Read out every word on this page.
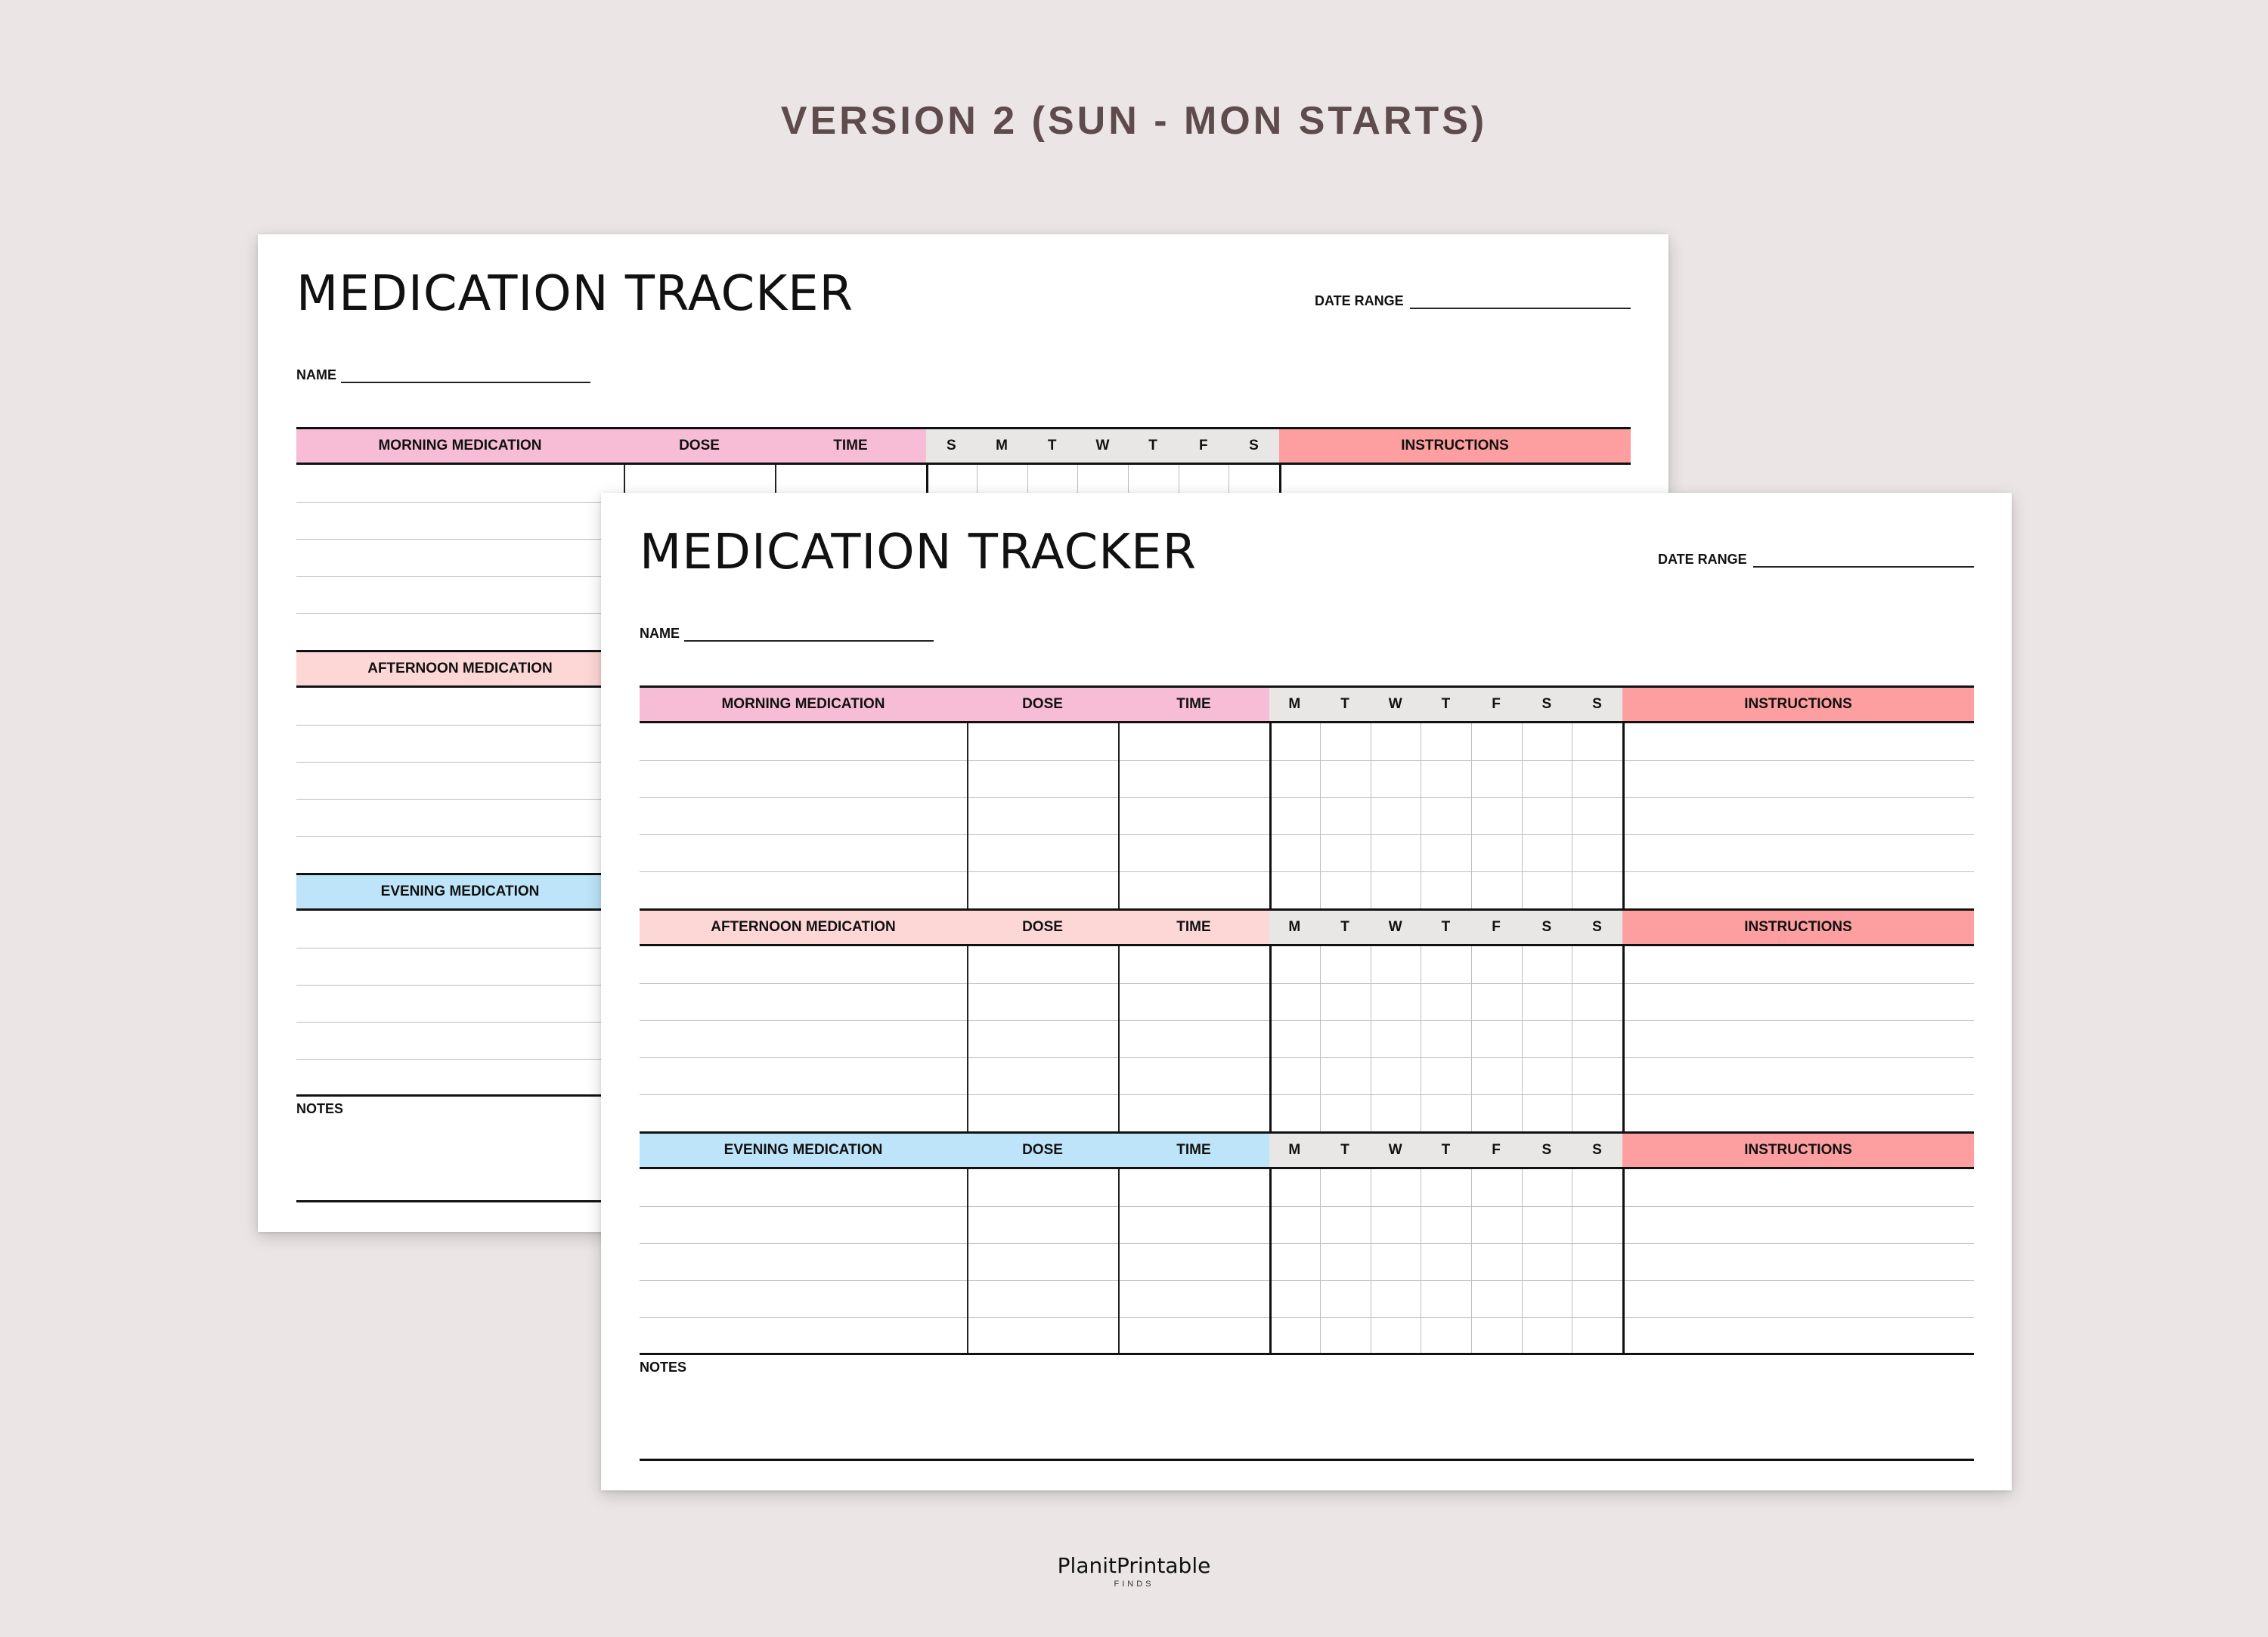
VERSION 2 (SUN - MON STARTS)
MEDICATION TRACKER	DATE RANGE
NAME
MORNING MEDICATION	DOSE	TIME	S	M	T	W	T	F	S	INSTRUCTIONS
AFTERNOON MEDICATION
EVENING MEDICATION
NOTES
MEDICATION TRACKER	DATE RANGE
NAME
MORNING MEDICATION	DOSE	TIME	M	T	W	T	F	S	S	INSTRUCTIONS
AFTERNOON MEDICATION	DOSE	TIME	M	T	W	T	F	S	S	INSTRUCTIONS
EVENING MEDICATION	DOSE	TIME	M	T	W	T	F	S	S	INSTRUCTIONS
NOTES
PlanitPrintable
FINDS
